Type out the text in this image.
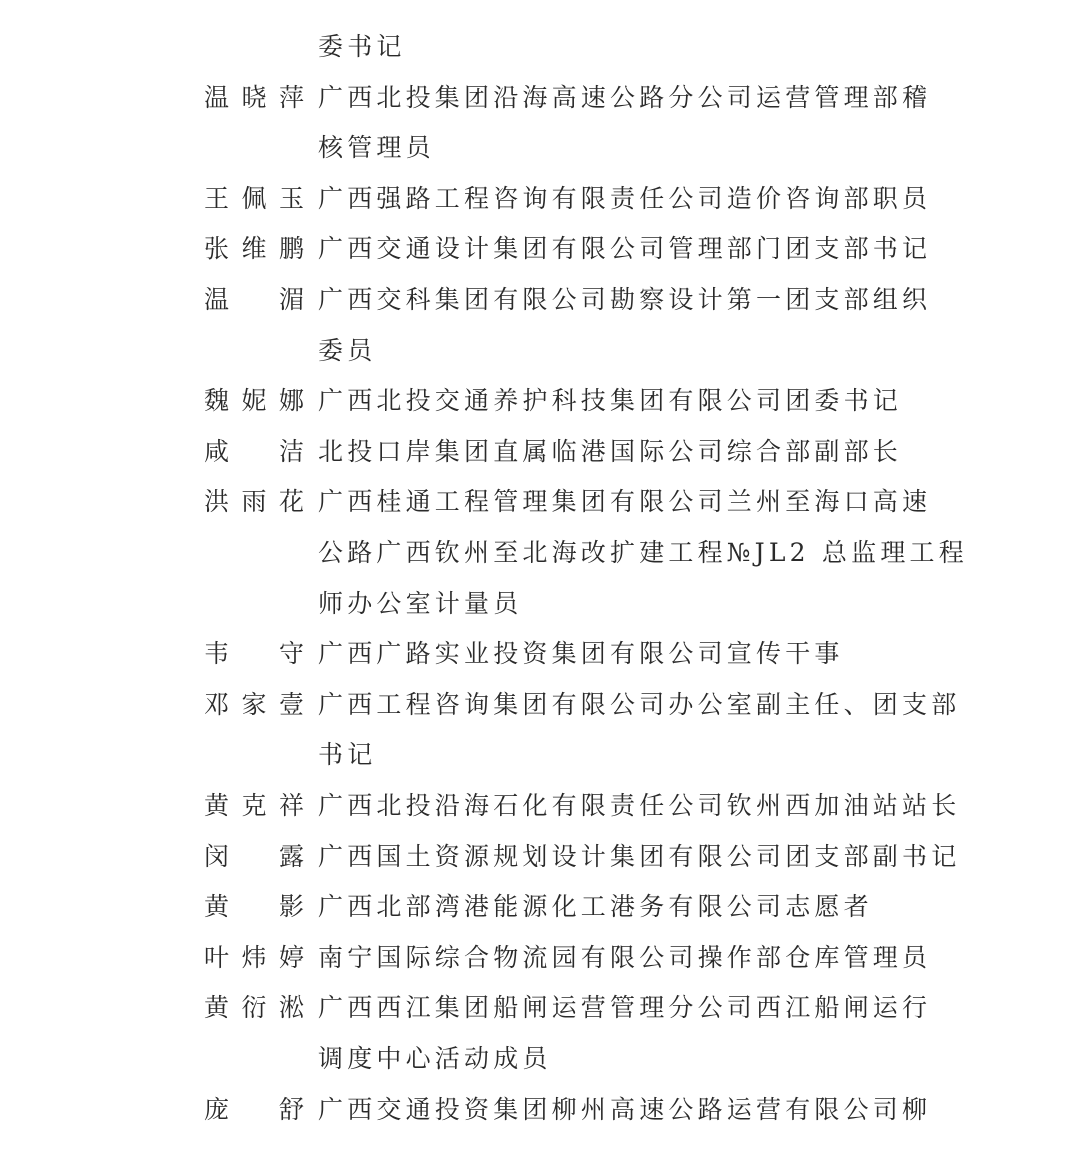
委书记
温 晓 萍 广西北投集团沿海高速公路分公司运营管理部稽
核管理员
王 佩 玉 广西强路工程咨询有限责任公司造价咨询部职员
张 维 鹏 广西交通设计集团有限公司管理部门团支部书记
温 湄 广西交科集团有限公司勘察设计第一团支部组织
委员
魏 妮 娜 广西北投交通养护科技集团有限公司团委书记
咸 洁 北投口岸集团直属临港国际公司综合部副部长
洪 雨 花 广西桂通工程管理集团有限公司兰州至海口高速
公路广西钦州至北海改扩建工程№JL2 总监理工程
师办公室计量员
韦 守 广西广路实业投资集团有限公司宣传干事
邓 家 壹 广西工程咨询集团有限公司办公室副主任、团支部
书记
黄 克 祥 广西北投沿海石化有限责任公司钦州西加油站站长
闵 露 广西国土资源规划设计集团有限公司团支部副书记
黄 影 广西北部湾港能源化工港务有限公司志愿者
叶 炜 婷 南宁国际综合物流园有限公司操作部仓库管理员
黄 衍 淞 广西西江集团船闸运营管理分公司西江船闸运行
调度中心活动成员
庞 舒 广西交通投资集团柳州高速公路运营有限公司柳
